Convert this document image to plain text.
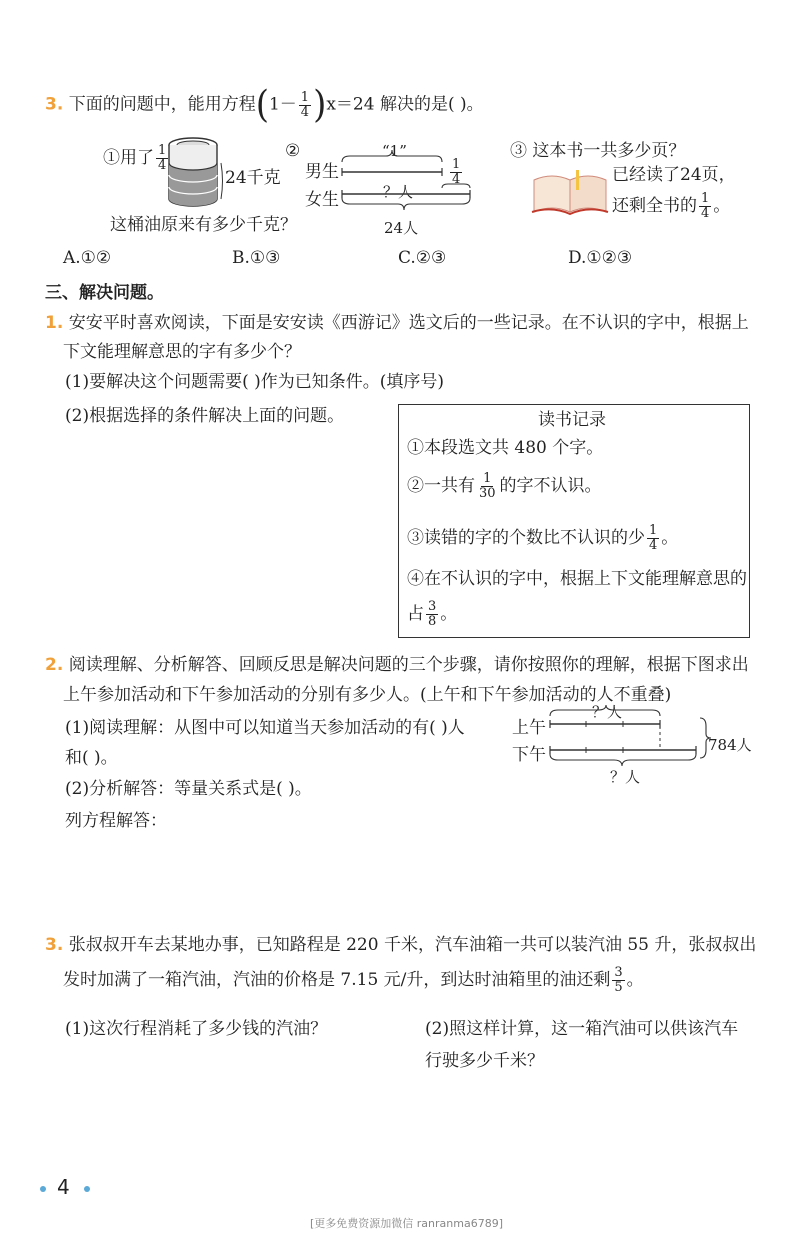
3. 下面的问题中，能用方程$(1- \frac{1}{4} )x=24$ 解决的是( )。
①用了 $\frac{1}{4}$
24千克
这桶油原来有多少千克？
②	“1”
男生
女生	？人
$\frac{1}{4}$
24人
③ 这本书一共多少页？
已经读了24页，
还剩全书的 $\frac{1}{4}$ 。
A.①②	B.①③	C.②③	D.①②③
三、解决问题。
1. 安安平时喜欢阅读，下面是安安读《西游记》选文后的一些记录。在不认识的字中，根据上
下文能理解意思的字有多少个？
(1)要解决这个问题需要( )作为已知条件。(填序号)
(2)根据选择的条件解决上面的问题。	读书记录
①本段选文共 480 个字。
②一共有 $\frac{1}{30}$ 的字不认识。
③读错的字的个数比不认识的少 $\frac{1}{4}$ 。
④在不认识的字中，根据上下文能理解意思的
占 $\frac{3}{8}$ 。
2. 阅读理解、分析解答、回顾反思是解决问题的三个步骤，请你按照你的理解，根据下图求出
上午参加活动和下午参加活动的分别有多少人。(上午和下午参加活动的人不重叠)
(1)阅读理解：从图中可以知道当天参加活动的有( )人
和( )。
(2)分析解答：等量关系式是( )。
列方程解答：
上午
下午
？人
？人
784人
3. 张叔叔开车去某地办事，已知路程是 220 千米，汽车油箱一共可以装汽油 55 升，张叔叔出
发时加满了一箱汽油，汽油的价格是 7.15 元/升，到达时油箱里的油还剩 $\frac{3}{5}$ 。
(1)这次行程消耗了多少钱的汽油？	(2)照这样计算，这一箱汽油可以供该汽车
行驶多少千米？
4
[更多免费资源加微信 ranranma6789]
